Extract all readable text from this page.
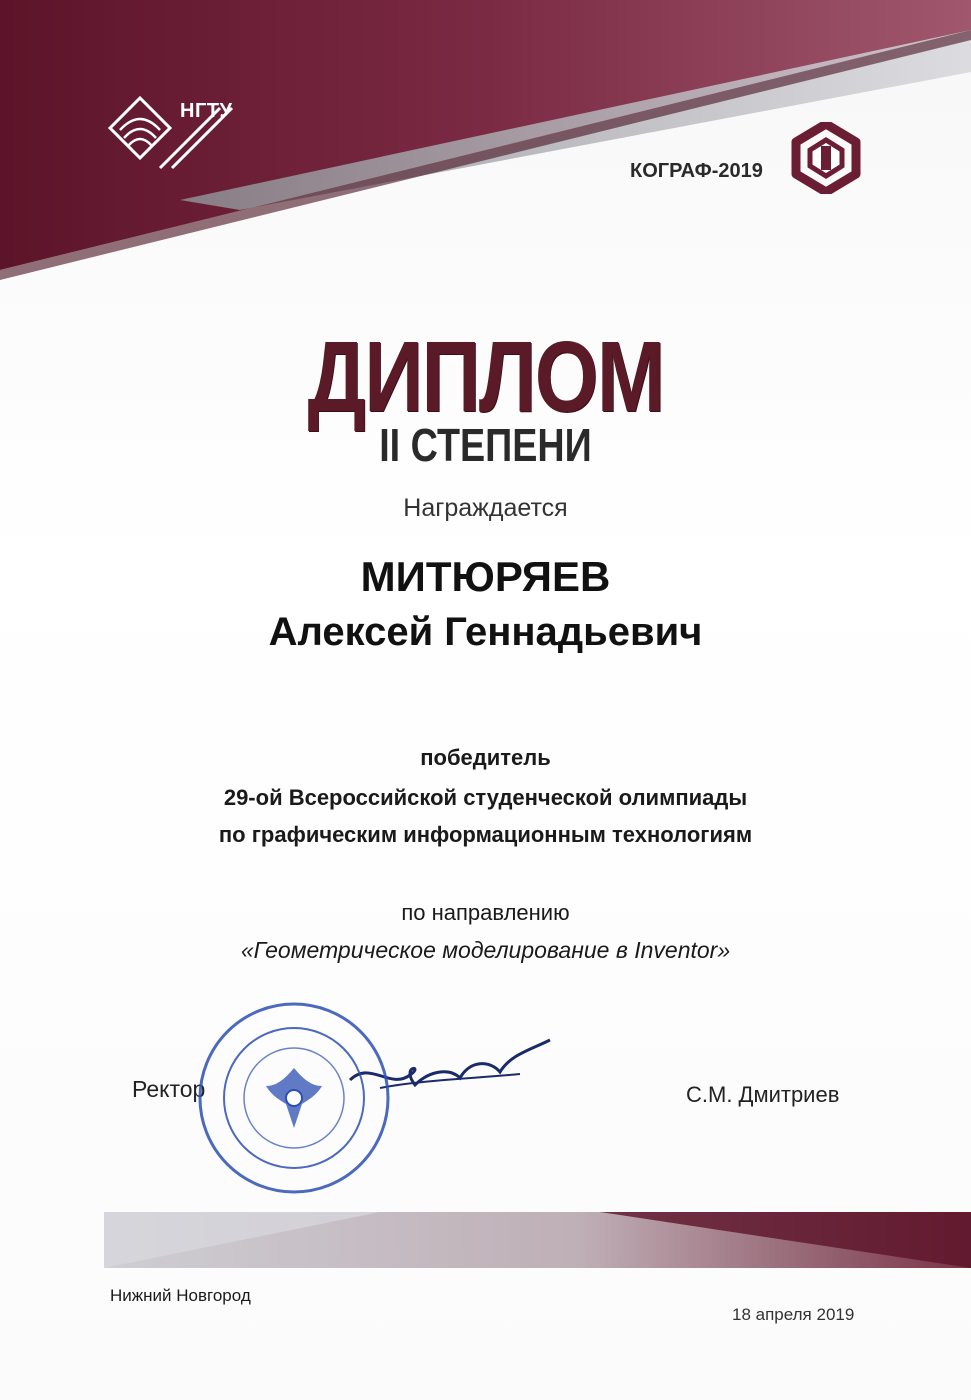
НГТУ
КОГРАФ-2019
ДИПЛОМ
II СТЕПЕНИ
Награждается
МИТЮРЯЕВ
Алексей Геннадьевич
победитель
29-ой Всероссийской студенческой олимпиады
по графическим информационным технологиям
по направлению
«Геометрическое моделирование в Inventor»
Ректор	С.М. Дмитриев
Нижний Новгород
18 апреля 2019
